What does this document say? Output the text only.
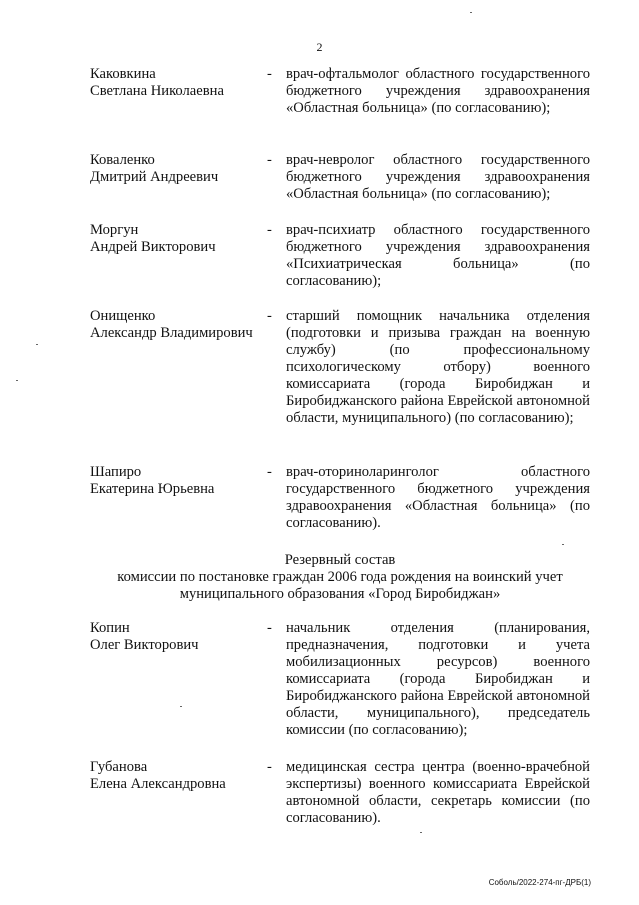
2
Каковкина
Светлана Николаевна
- врач-офтальмолог областного государственного бюджетного учреждения здравоохранения «Областная больница» (по согласованию);
Коваленко
Дмитрий Андреевич
- врач-невролог областного государственного бюджетного учреждения здравоохранения «Областная больница» (по согласованию);
Моргун
Андрей Викторович
- врач-психиатр областного государственного бюджетного учреждения здравоохранения «Психиатрическая больница» (по согласованию);
Онищенко
Александр Владимирович
- старший помощник начальника отделения (подготовки и призыва граждан на военную службу) (по профессиональному психологическому отбору) военного комиссариата (города Биробиджан и Биробиджанского района Еврейской автономной области, муниципального) (по согласованию);
Шапиро
Екатерина Юрьевна
- врач-оториноларинголог областного государственного бюджетного учреждения здравоохранения «Областная больница» (по согласованию).
Резервный состав
комиссии по постановке граждан 2006 года рождения на воинский учет
муниципального образования «Город Биробиджан»
Копин
Олег Викторович
- начальник отделения (планирования, предназначения, подготовки и учета мобилизационных ресурсов) военного комиссариата (города Биробиджан и Биробиджанского района Еврейской автономной области, муниципального), председатель комиссии (по согласованию);
Губанова
Елена Александровна
- медицинская сестра центра (военно-врачебной экспертизы) военного комиссариата Еврейской автономной области, секретарь комиссии (по согласованию).
Соболь/2022-274-пг-ДРБ(1)
